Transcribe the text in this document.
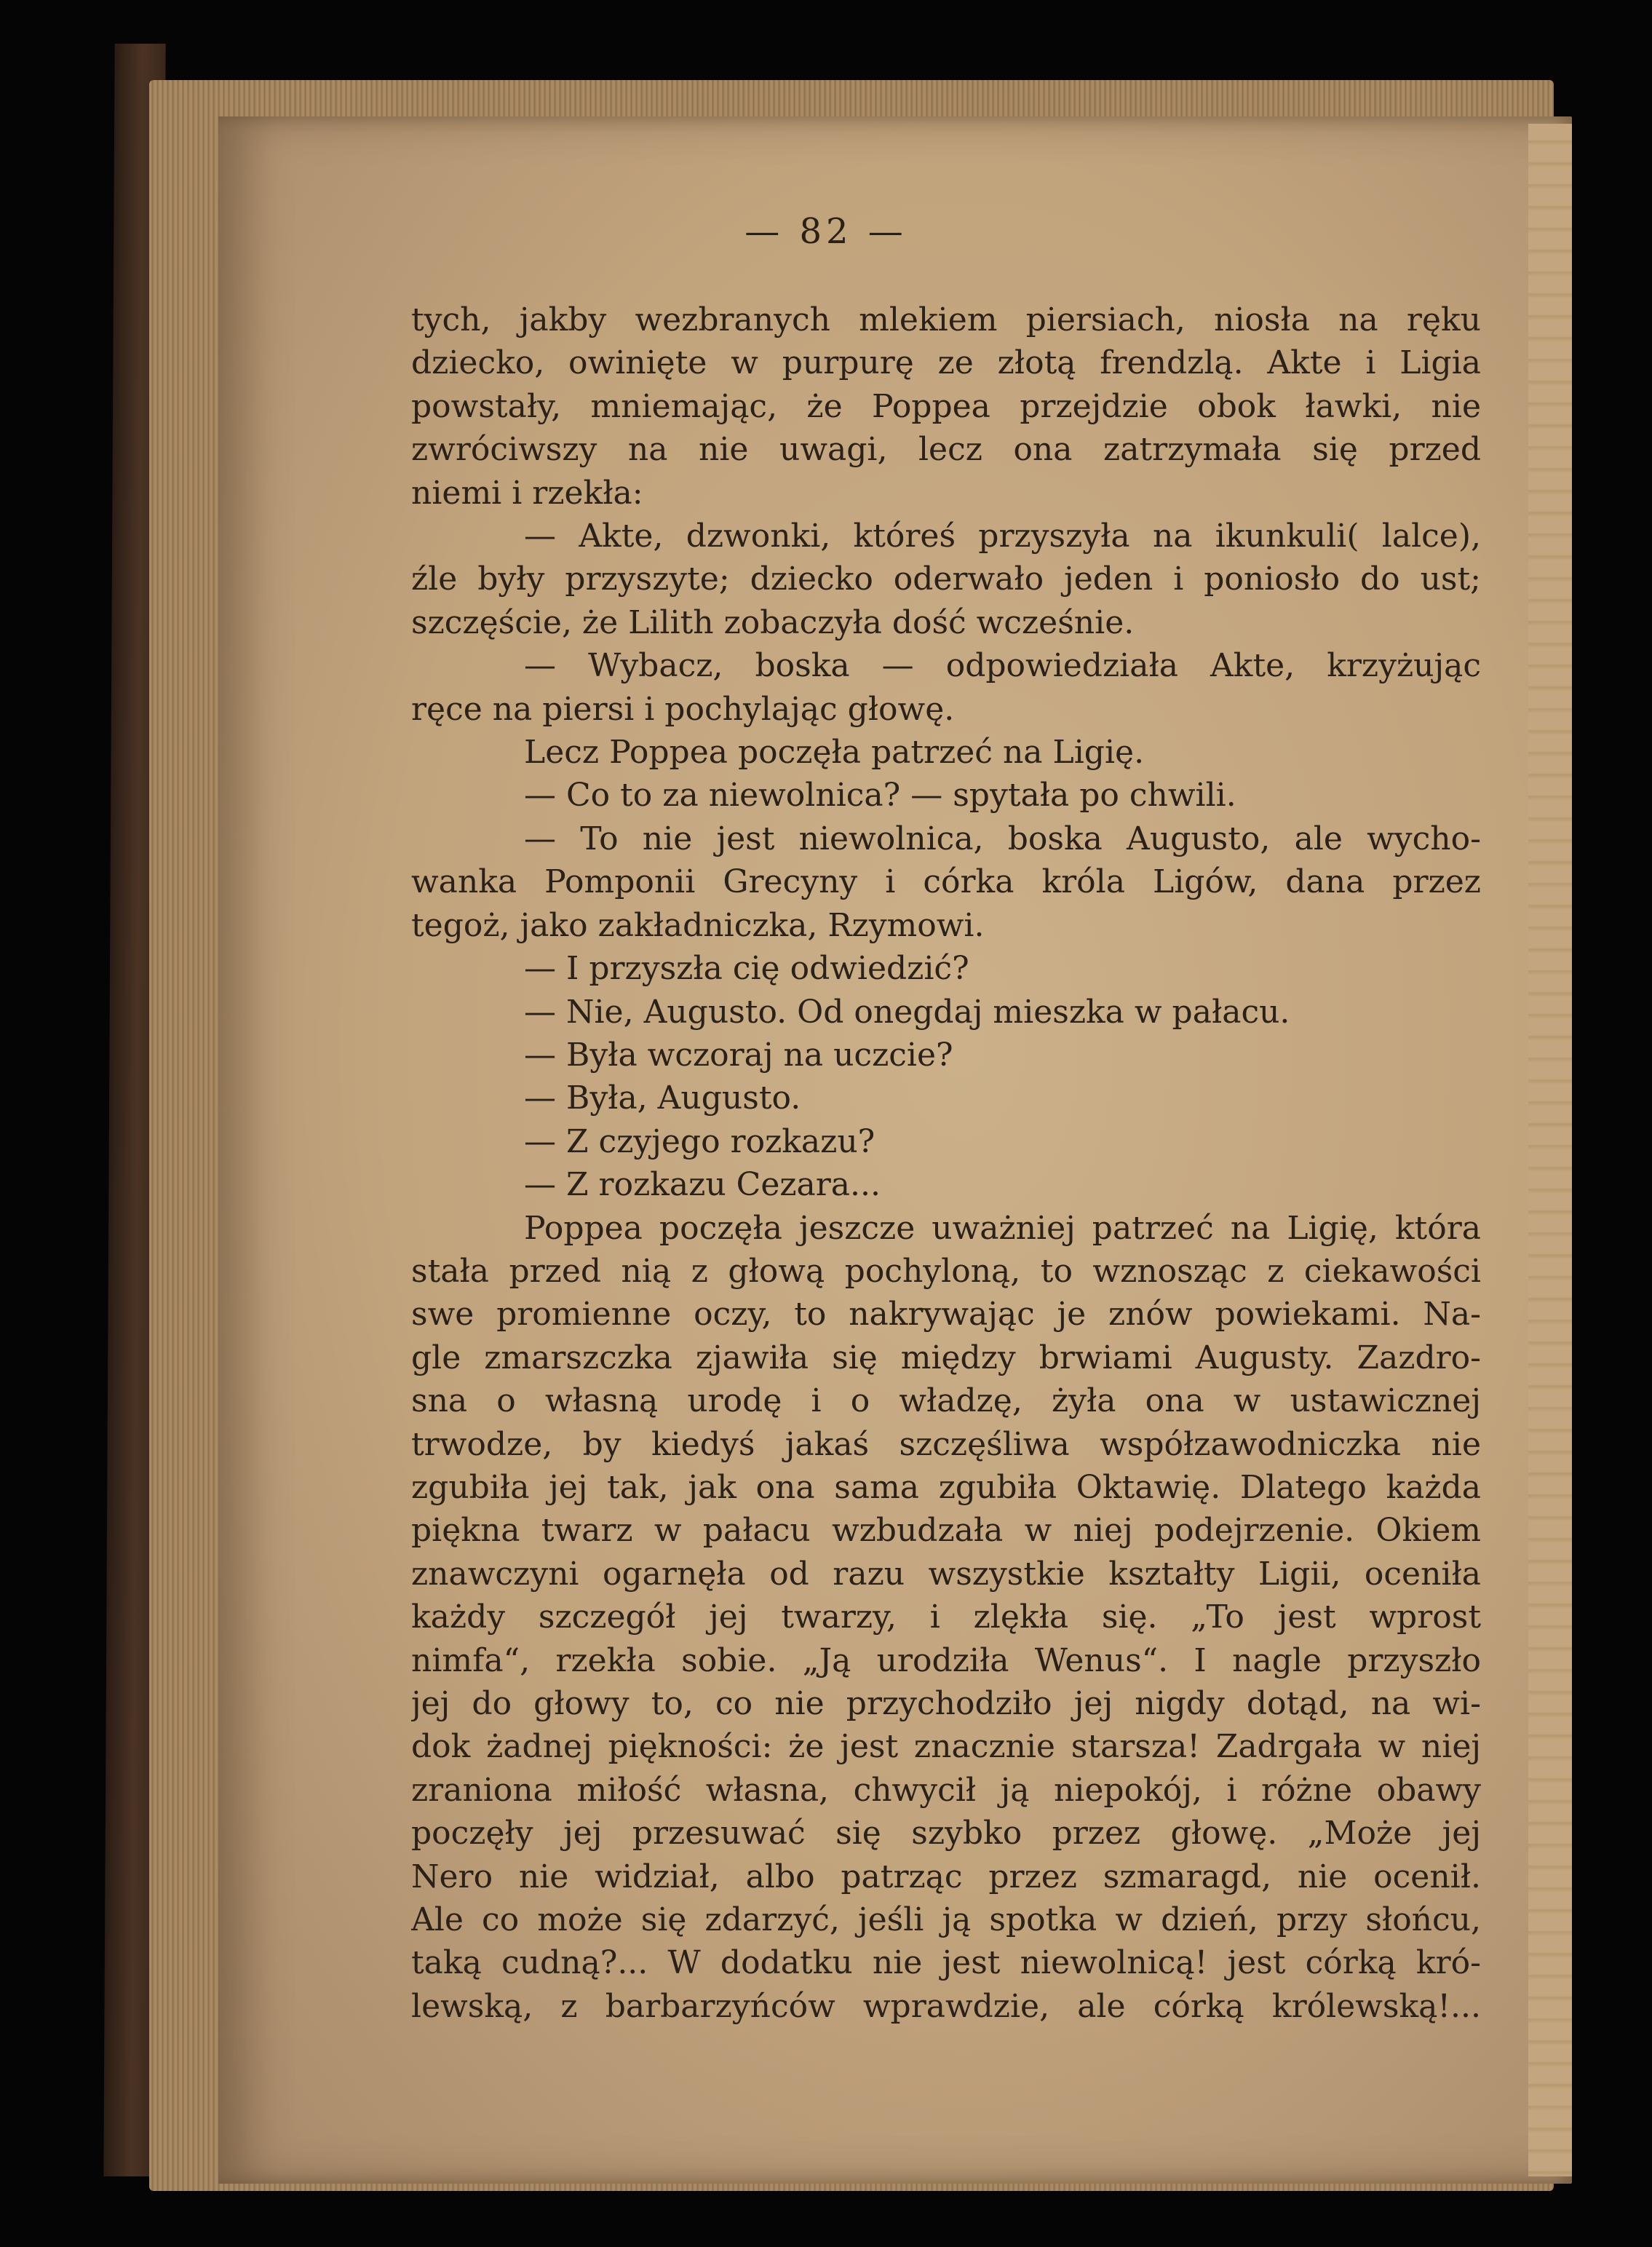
— 82 —
tych, jakby wezbranych mlekiem piersiach, niosła na ręku
dziecko, owinięte w purpurę ze złotą frendzlą. Akte i Ligia
powstały, mniemając, że Poppea przejdzie obok ławki, nie
zwróciwszy na nie uwagi, lecz ona zatrzymała się przed
niemi i rzekła:
— Akte, dzwonki, któreś przyszyła na ikunkuli( lalce),
źle były przyszyte; dziecko oderwało jeden i poniosło do ust;
szczęście, że Lilith zobaczyła dość wcześnie.
— Wybacz, boska — odpowiedziała Akte, krzyżując
ręce na piersi i pochylając głowę.
Lecz Poppea poczęła patrzeć na Ligię.
— Co to za niewolnica? — spytała po chwili.
— To nie jest niewolnica, boska Augusto, ale wycho-
wanka Pomponii Grecyny i córka króla Ligów, dana przez
tegoż, jako zakładniczka, Rzymowi.
— I przyszła cię odwiedzić?
— Nie, Augusto. Od onegdaj mieszka w pałacu.
— Była wczoraj na uczcie?
— Była, Augusto.
— Z czyjego rozkazu?
— Z rozkazu Cezara...
Poppea poczęła jeszcze uważniej patrzeć na Ligię, która
stała przed nią z głową pochyloną, to wznosząc z ciekawości
swe promienne oczy, to nakrywając je znów powiekami. Na-
gle zmarszczka zjawiła się między brwiami Augusty. Zazdro-
sna o własną urodę i o władzę, żyła ona w ustawicznej
trwodze, by kiedyś jakaś szczęśliwa współzawodniczka nie
zgubiła jej tak, jak ona sama zgubiła Oktawię. Dlatego każda
piękna twarz w pałacu wzbudzała w niej podejrzenie. Okiem
znawczyni ogarnęła od razu wszystkie kształty Ligii, oceniła
każdy szczegół jej twarzy, i zlękła się. „To jest wprost
nimfa“, rzekła sobie. „Ją urodziła Wenus“. I nagle przyszło
jej do głowy to, co nie przychodziło jej nigdy dotąd, na wi-
dok żadnej piękności: że jest znacznie starsza! Zadrgała w niej
zraniona miłość własna, chwycił ją niepokój, i różne obawy
poczęły jej przesuwać się szybko przez głowę. „Może jej
Nero nie widział, albo patrząc przez szmaragd, nie ocenił.
Ale co może się zdarzyć, jeśli ją spotka w dzień, przy słońcu,
taką cudną?... W dodatku nie jest niewolnicą! jest córką kró-
lewską, z barbarzyńców wprawdzie, ale córką królewską!...
